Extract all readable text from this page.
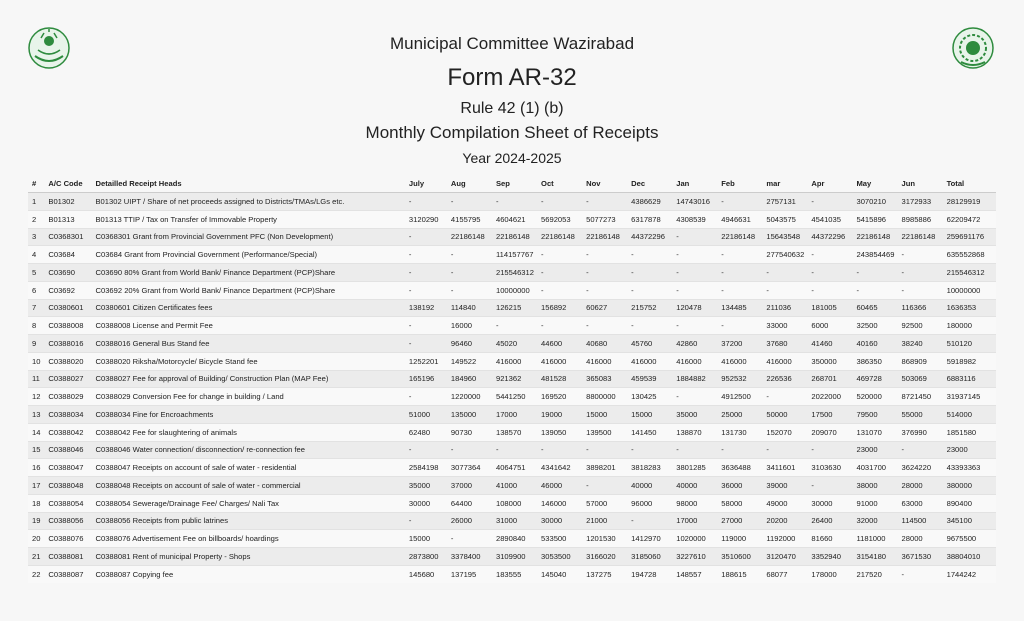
Municipal Committee Wazirabad
Form AR-32
Rule 42 (1) (b)
Monthly Compilation Sheet of Receipts
Year 2024-2025
#	A/C Code	Detailled Receipt Heads	July	Aug	Sep	Oct	Nov	Dec	Jan	Feb	mar	Apr	May	Jun	Total
1	B01302	B01302 UIPT / Share of net proceeds assigned to Districts/TMAs/LGs etc.	-	-	-	-	-	4386629	14743016	-	2757131	-	3070210	3172933	28129919
2	B01313	B01313 TTIP / Tax on Transfer of Immovable Property	3120290	4155795	4604621	5692053	5077273	6317878	4308539	4946631	5043575	4541035	5415896	8985886	62209472
3	C0368301	C0368301 Grant from Provincial Government PFC (Non Development)	-	22186148	22186148	22186148	22186148	44372296	-	22186148	15643548	44372296	22186148	22186148	259691176
4	C03684	C03684 Grant from Provincial Government (Performance/Special)	-	-	114157767	-	-	-	-	-	277540632	-	243854469	-	635552868
5	C03690	C03690 80% Grant from World Bank/ Finance Department (PCP)Share	-	-	215546312	-	-	-	-	-	-	-	-	-	215546312
6	C03692	C03692 20% Grant from World Bank/ Finance Department (PCP)Share	-	-	10000000	-	-	-	-	-	-	-	-	-	10000000
7	C0380601	C0380601 Citizen Certificates fees	138192	114840	126215	156892	60627	215752	120478	134485	211036	181005	60465	116366	1636353
8	C0388008	C0388008 License and Permit Fee	-	16000	-	-	-	-	-	-	33000	6000	32500	92500	180000
9	C0388016	C0388016 General Bus Stand fee	-	96460	45020	44600	40680	45760	42860	37200	37680	41460	40160	38240	510120
10	C0388020	C0388020 Riksha/Motorcycle/ Bicycle Stand fee	1252201	149522	416000	416000	416000	416000	416000	416000	416000	350000	386350	868909	5918982
11	C0388027	C0388027 Fee for approval of Building/ Construction Plan (MAP Fee)	165196	184960	921362	481528	365083	459539	1884882	952532	226536	268701	469728	503069	6883116
12	C0388029	C0388029 Conversion Fee for change in building / Land	-	1220000	5441250	169520	8800000	130425	-	4912500	-	2022000	520000	8721450	31937145
13	C0388034	C0388034 Fine for Encroachments	51000	135000	17000	19000	15000	15000	35000	25000	50000	17500	79500	55000	514000
14	C0388042	C0388042 Fee for slaughtering of animals	62480	90730	138570	139050	139500	141450	138870	131730	152070	209070	131070	376990	1851580
15	C0388046	C0388046 Water connection/ disconnection/ re-connection fee	-	-	-	-	-	-	-	-	-	-	23000	-	23000
16	C0388047	C0388047 Receipts on account of sale of water - residential	2584198	3077364	4064751	4341642	3898201	3818283	3801285	3636488	3411601	3103630	4031700	3624220	43393363
17	C0388048	C0388048 Receipts on account of sale of water - commercial	35000	37000	41000	46000	-	40000	40000	36000	39000	-	38000	28000	380000
18	C0388054	C0388054 Sewerage/Drainage Fee/ Charges/ Nali Tax	30000	64400	108000	146000	57000	96000	98000	58000	49000	30000	91000	63000	890400
19	C0388056	C0388056 Receipts from public latrines	-	26000	31000	30000	21000	-	17000	27000	20200	26400	32000	114500	345100
20	C0388076	C0388076 Advertisement Fee on billboards/ hoardings	15000	-	2890840	533500	1201530	1412970	1020000	119000	1192000	81660	1181000	28000	9675500
21	C0388081	C0388081 Rent of municipal Property - Shops	2873800	3378400	3109900	3053500	3166020	3185060	3227610	3510600	3120470	3352940	3154180	3671530	38804010
22	C0388087	C0388087 Copying fee	145680	137195	183555	145040	137275	194728	148557	188615	68077	178000	217520	-	1744242
